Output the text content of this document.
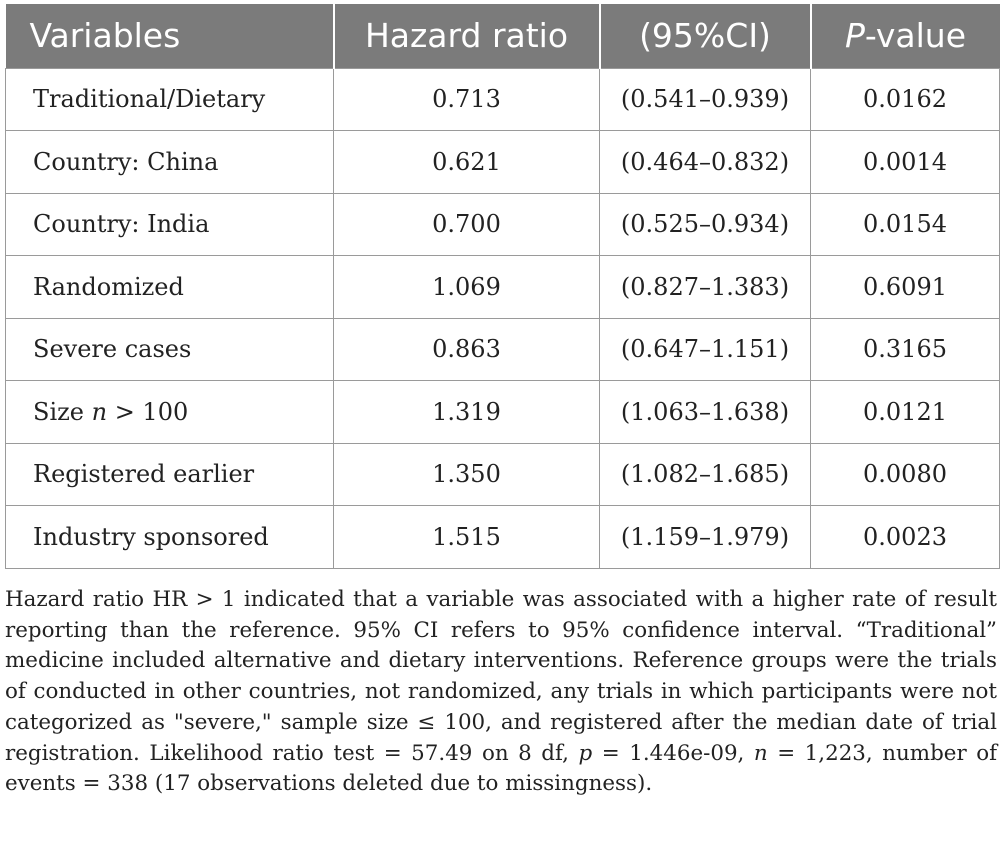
Variables	Hazard ratio	(95%CI)	P-value
Traditional/Dietary	0.713	(0.541–0.939)	0.0162
Country: China	0.621	(0.464–0.832)	0.0014
Country: India	0.700	(0.525–0.934)	0.0154
Randomized	1.069	(0.827–1.383)	0.6091
Severe cases	0.863	(0.647–1.151)	0.3165
Size n > 100	1.319	(1.063–1.638)	0.0121
Registered earlier	1.350	(1.082–1.685)	0.0080
Industry sponsored	1.515	(1.159–1.979)	0.0023

Hazard ratio HR > 1 indicated that a variable was associated with a higher rate of result reporting than the reference. 95% CI refers to 95% confidence interval. “Traditional” medicine included alternative and dietary interventions. Reference groups were the trials of conducted in other countries, not randomized, any trials in which participants were not categorized as "severe," sample size ≤ 100, and registered after the median date of trial registration. Likelihood ratio test = 57.49 on 8 df, p = 1.446e-09, n = 1,223, number of events = 338 (17 observations deleted due to missingness).
